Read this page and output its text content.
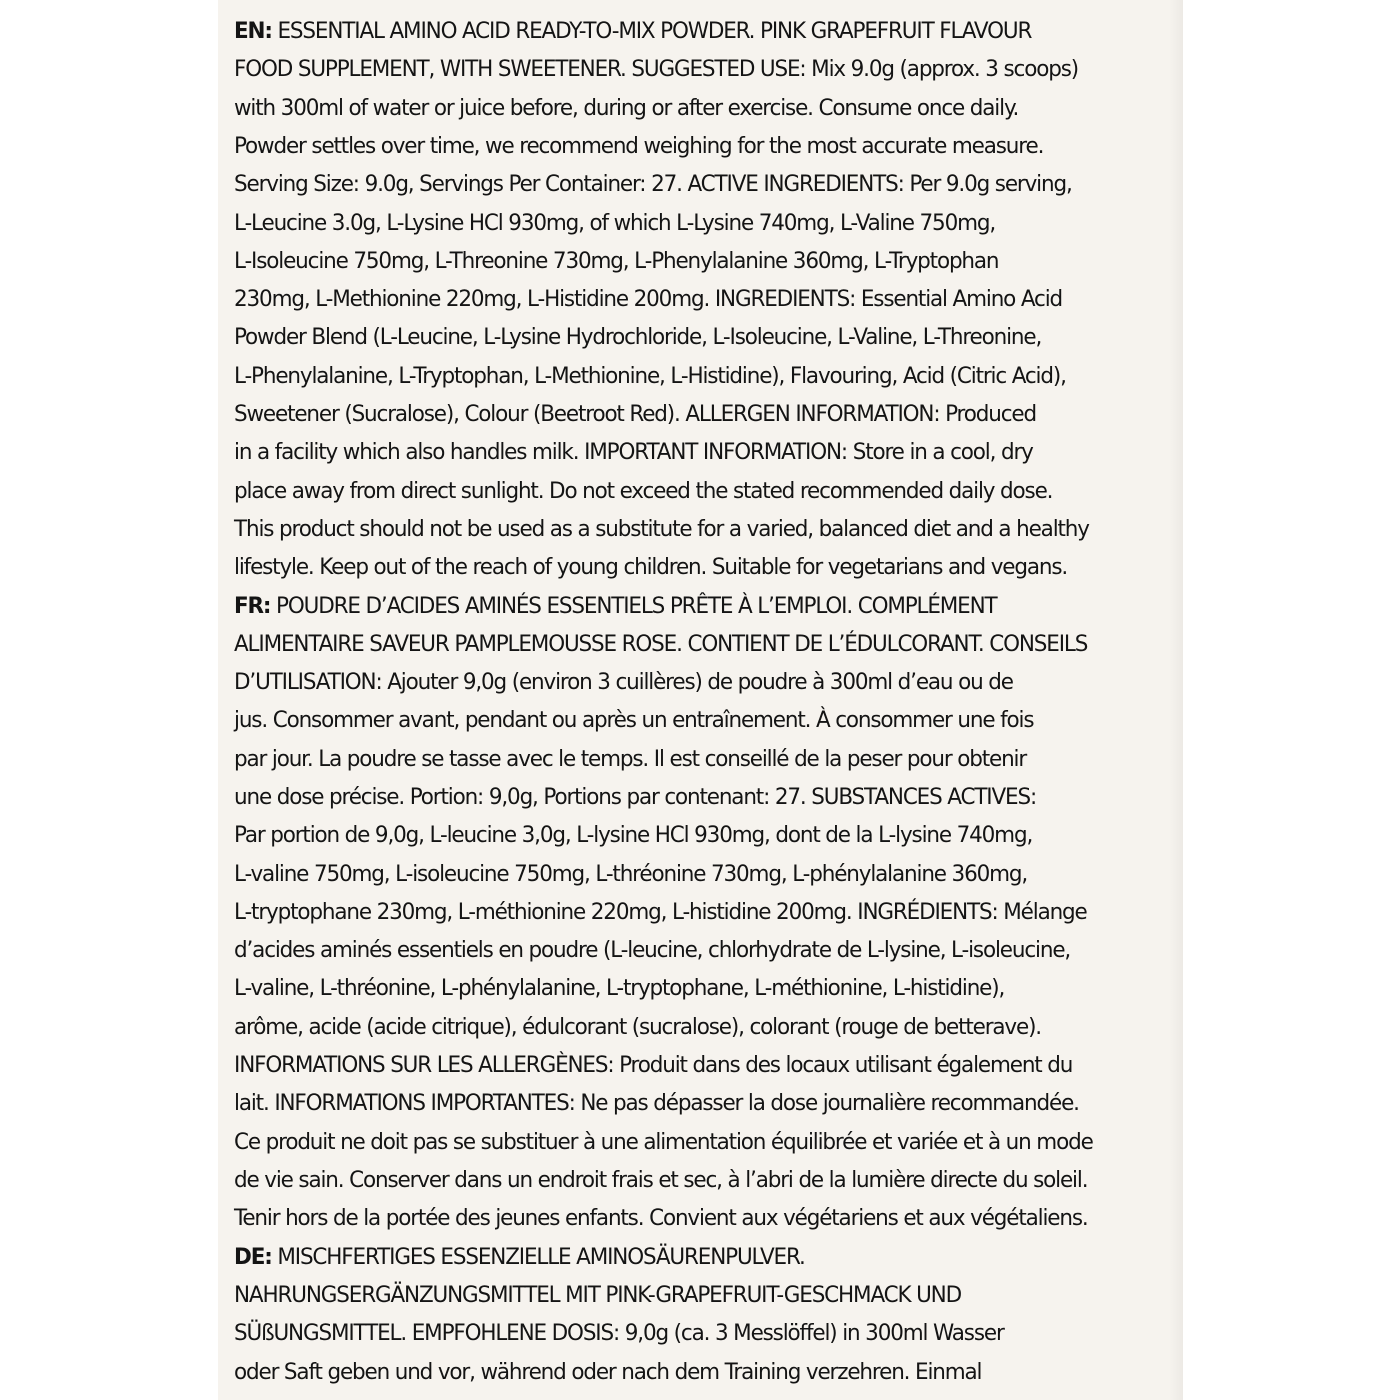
EN: ESSENTIAL AMINO ACID READY-TO-MIX POWDER. PINK GRAPEFRUIT FLAVOUR

FOOD SUPPLEMENT, WITH SWEETENER. SUGGESTED USE: Mix 9.0g (approx. 3 scoops)

with 300ml of water or juice before, during or after exercise. Consume once daily.

Powder settles over time, we recommend weighing for the most accurate measure.

Serving Size: 9.0g, Servings Per Container: 27. ACTIVE INGREDIENTS: Per 9.0g serving,

L-Leucine 3.0g, L-Lysine HCl 930mg, of which L-Lysine 740mg, L-Valine 750mg,

L-Isoleucine 750mg, L-Threonine 730mg, L-Phenylalanine 360mg, L-Tryptophan

230mg, L-Methionine 220mg, L-Histidine 200mg. INGREDIENTS: Essential Amino Acid

Powder Blend (L-Leucine, L-Lysine Hydrochloride, L-Isoleucine, L-Valine, L-Threonine,

L-Phenylalanine, L-Tryptophan, L-Methionine, L-Histidine), Flavouring, Acid (Citric Acid),

Sweetener (Sucralose), Colour (Beetroot Red). ALLERGEN INFORMATION: Produced

in a facility which also handles milk. IMPORTANT INFORMATION: Store in a cool, dry

place away from direct sunlight. Do not exceed the stated recommended daily dose.

This product should not be used as a substitute for a varied, balanced diet and a healthy

lifestyle. Keep out of the reach of young children. Suitable for vegetarians and vegans.

FR: POUDRE D’ACIDES AMINÉS ESSENTIELS PRÊTE À L’EMPLOI. COMPLÉMENT

ALIMENTAIRE SAVEUR PAMPLEMOUSSE ROSE. CONTIENT DE L’ÉDULCORANT. CONSEILS

D’UTILISATION: Ajouter 9,0g (environ 3 cuillères) de poudre à 300ml d’eau ou de

jus. Consommer avant, pendant ou après un entraînement. À consommer une fois

par jour. La poudre se tasse avec le temps. Il est conseillé de la peser pour obtenir

une dose précise. Portion: 9,0g, Portions par contenant: 27. SUBSTANCES ACTIVES:

Par portion de 9,0g, L-leucine 3,0g, L-lysine HCl 930mg, dont de la L-lysine 740mg,

L-valine 750mg, L-isoleucine 750mg, L-thréonine 730mg, L-phénylalanine 360mg,

L-tryptophane 230mg, L-méthionine 220mg, L-histidine 200mg. INGRÉDIENTS: Mélange

d’acides aminés essentiels en poudre (L-leucine, chlorhydrate de L-lysine, L-isoleucine,

L-valine, L-thréonine, L-phénylalanine, L-tryptophane, L-méthionine, L-histidine),

arôme, acide (acide citrique), édulcorant (sucralose), colorant (rouge de betterave).

INFORMATIONS SUR LES ALLERGÈNES: Produit dans des locaux utilisant également du

lait. INFORMATIONS IMPORTANTES: Ne pas dépasser la dose journalière recommandée.

Ce produit ne doit pas se substituer à une alimentation équilibrée et variée et à un mode

de vie sain. Conserver dans un endroit frais et sec, à l’abri de la lumière directe du soleil.

Tenir hors de la portée des jeunes enfants. Convient aux végétariens et aux végétaliens.

DE: MISCHFERTIGES ESSENZIELLE AMINOSÄURENPULVER.

NAHRUNGSERGÄNZUNGSMITTEL MIT PINK-GRAPEFRUIT-GESCHMACK UND

SÜßUNGSMITTEL. EMPFOHLENE DOSIS: 9,0g (ca. 3 Messlöffel) in 300ml Wasser

oder Saft geben und vor, während oder nach dem Training verzehren. Einmal
